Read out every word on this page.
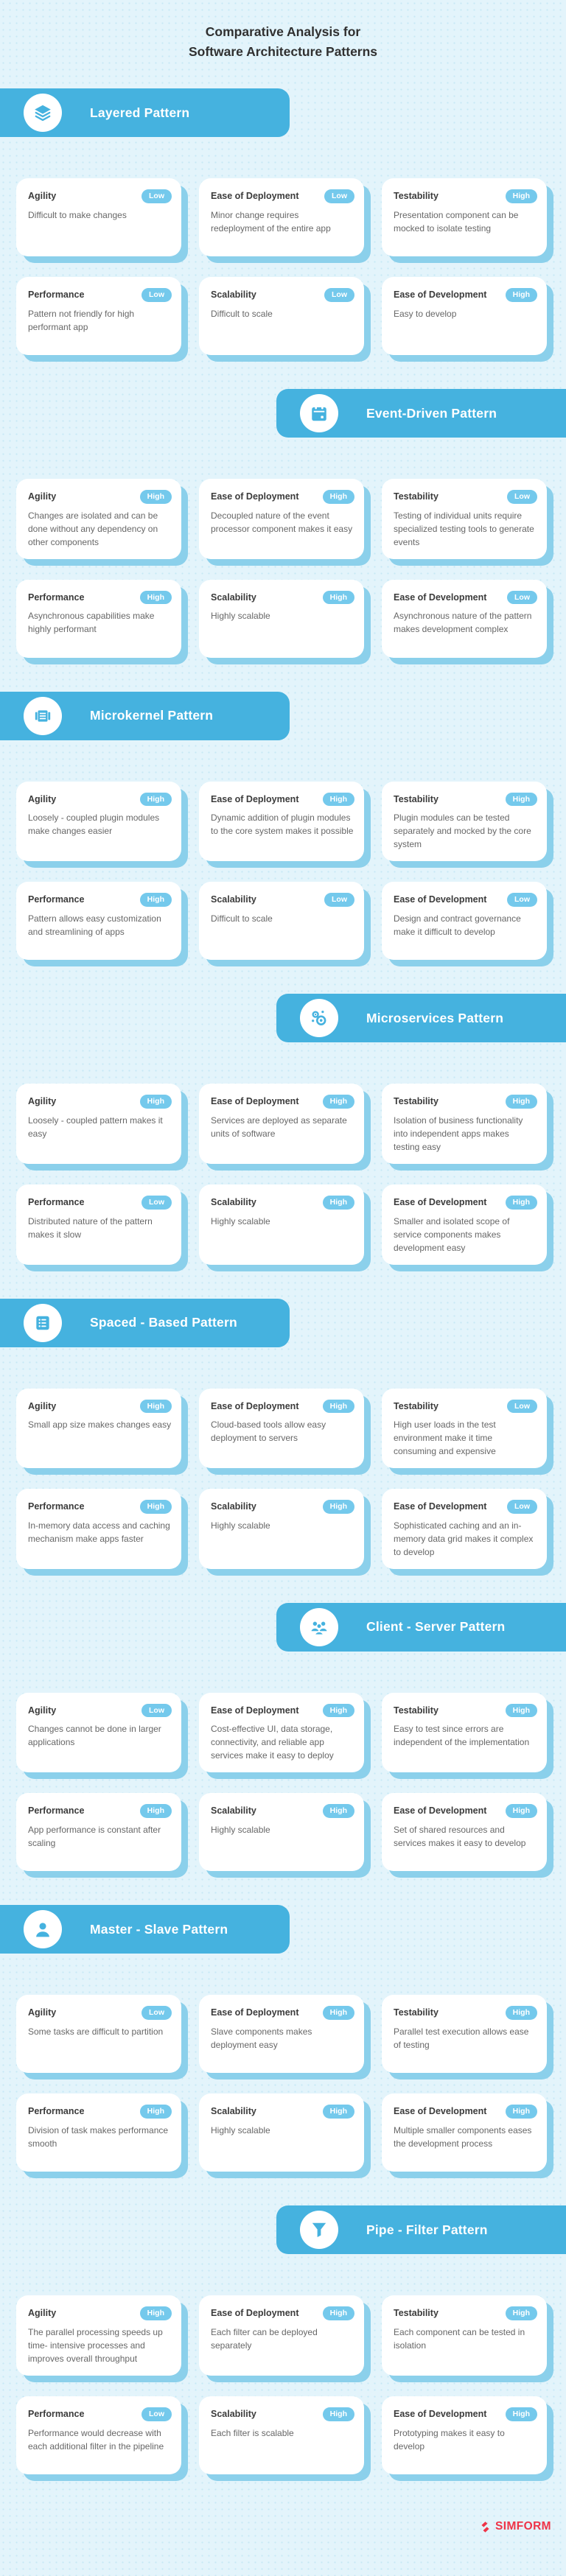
Comparative Analysis for
Software Architecture Patterns
Layered Pattern
Agility	Low
Difficult to make changes
Ease of Deployment	Low
Minor change requires redeployment of the entire app
Testability	High
Presentation component can be mocked to isolate testing
Performance	Low
Pattern not friendly for high performant app
Scalability	Low
Difficult to scale
Ease of Development	High
Easy to develop
Event-Driven Pattern
Agility	High
Changes are isolated and can be done without any dependency on other components
Ease of Deployment	High
Decoupled nature of the event processor component makes it easy
Testability	Low
Testing of individual units require specialized testing tools to generate events
Performance	High
Asynchronous capabilities make highly performant
Scalability	High
Highly scalable
Ease of Development	Low
Asynchronous nature of the pattern makes development complex
Microkernel Pattern
Agility	High
Loosely - coupled plugin modules make changes easier
Ease of Deployment	High
Dynamic addition of plugin modules to the core system makes it possible
Testability	High
Plugin modules can be tested separately and mocked by the core system
Performance	High
Pattern allows easy customization and streamlining of apps
Scalability	Low
Difficult to scale
Ease of Development	Low
Design and contract governance make it difficult to develop
Microservices Pattern
Agility	High
Loosely - coupled pattern makes it easy
Ease of Deployment	High
Services are deployed as separate units of software
Testability	High
Isolation of business functionality into independent apps makes testing easy
Performance	Low
Distributed nature of the pattern makes it slow
Scalability	High
Highly scalable
Ease of Development	High
Smaller and isolated scope of service components makes development easy
Spaced - Based Pattern
Agility	High
Small app size makes changes easy
Ease of Deployment	High
Cloud-based tools allow easy deployment to servers
Testability	Low
High user loads in the test environment make it time consuming and expensive
Performance	High
In-memory data access and caching mechanism make apps faster
Scalability	High
Highly scalable
Ease of Development	Low
Sophisticated caching and an in-memory data grid makes it complex to develop
Client - Server Pattern
Agility	Low
Changes cannot be done in larger applications
Ease of Deployment	High
Cost-effective UI, data storage, connectivity, and reliable app services make it easy to deploy
Testability	High
Easy to test since errors are independent of the implementation
Performance	High
App performance is constant after scaling
Scalability	High
Highly scalable
Ease of Development	High
Set of shared resources and services makes it easy to develop
Master - Slave Pattern
Agility	Low
Some tasks are difficult to partition
Ease of Deployment	High
Slave components makes deployment easy
Testability	High
Parallel test execution allows ease of testing
Performance	High
Division of task makes performance smooth
Scalability	High
Highly scalable
Ease of Development	High
Multiple smaller components eases the development process
Pipe - Filter Pattern
Agility	High
The parallel processing speeds up time- intensive processes and improves overall throughput
Ease of Deployment	High
Each filter can be deployed separately
Testability	High
Each component can be tested in isolation
Performance	Low
Performance would decrease with each additional filter in the pipeline
Scalability	High
Each filter is scalable
Ease of Development	High
Prototyping makes it easy to develop
SIMFORM
